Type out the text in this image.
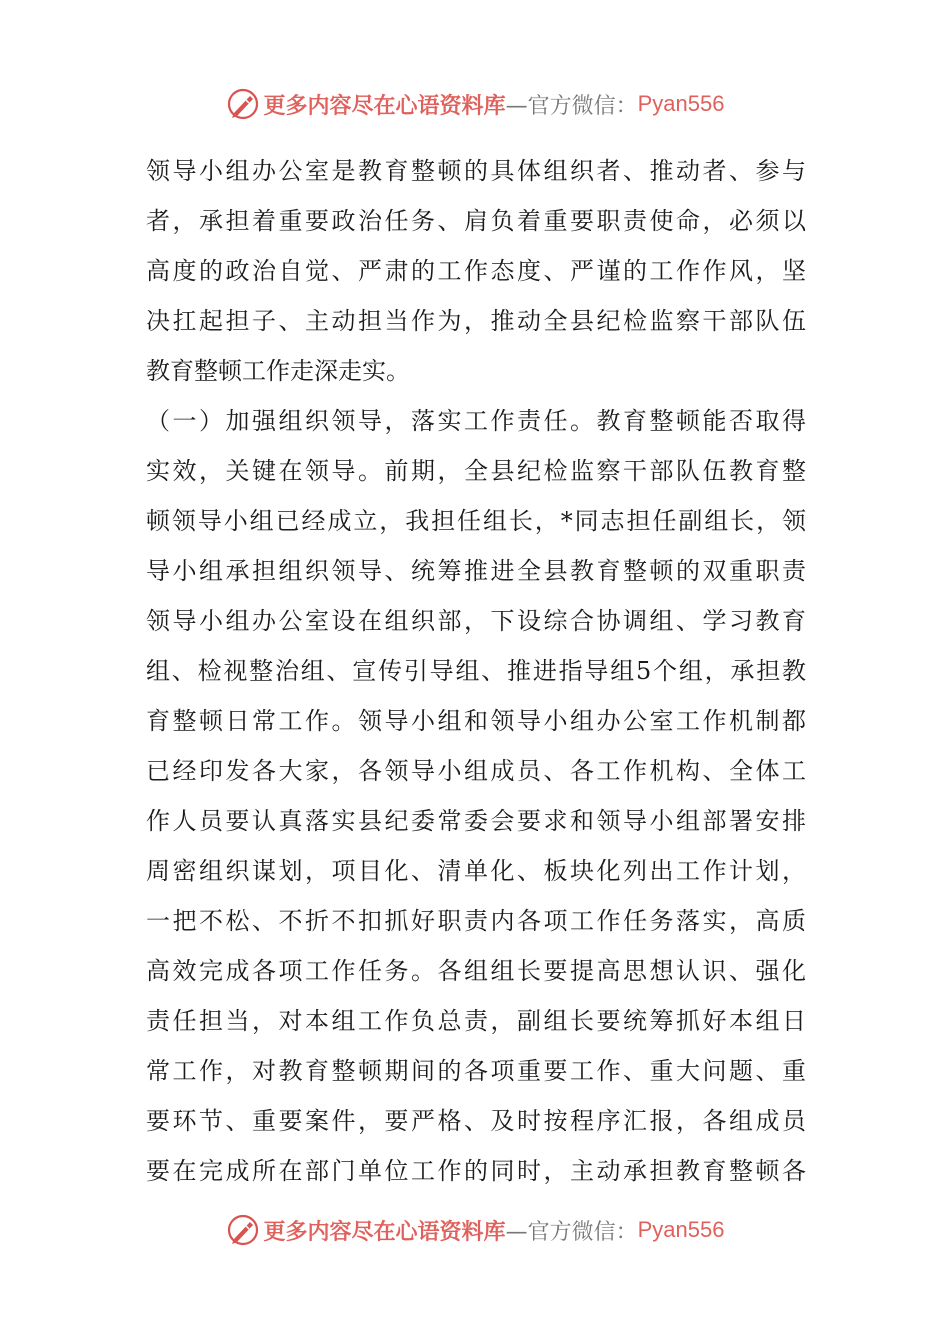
更多内容尽在心语资料库 —官方微信： Pyan556
领导小组办公室是教育整顿的具体组织者、推动者、参与
者，承担着重要政治任务、肩负着重要职责使命，必须以
高度的政治自觉、严肃的工作态度、严谨的工作作风，坚
决扛起担子、主动担当作为，推动全县纪检监察干部队伍
教育整顿工作走深走实。
（一）加强组织领导，落实工作责任。教育整顿能否取得
实效，关键在领导。前期，全县纪检监察干部队伍教育整
顿领导小组已经成立，我担任组长，*同志担任副组长，领
导小组承担组织领导、统筹推进全县教育整顿的双重职责
领导小组办公室设在组织部，下设综合协调组、学习教育
组、检视整治组、宣传引导组、推进指导组5个组，承担教
育整顿日常工作。领导小组和领导小组办公室工作机制都
已经印发各大家，各领导小组成员、各工作机构、全体工
作人员要认真落实县纪委常委会要求和领导小组部署安排
周密组织谋划，项目化、清单化、板块化列出工作计划，
一把不松、不折不扣抓好职责内各项工作任务落实，高质
高效完成各项工作任务。各组组长要提高思想认识、强化
责任担当，对本组工作负总责，副组长要统筹抓好本组日
常工作，对教育整顿期间的各项重要工作、重大问题、重
要环节、重要案件，要严格、及时按程序汇报，各组成员
要在完成所在部门单位工作的同时，主动承担教育整顿各
更多内容尽在心语资料库 —官方微信： Pyan556
